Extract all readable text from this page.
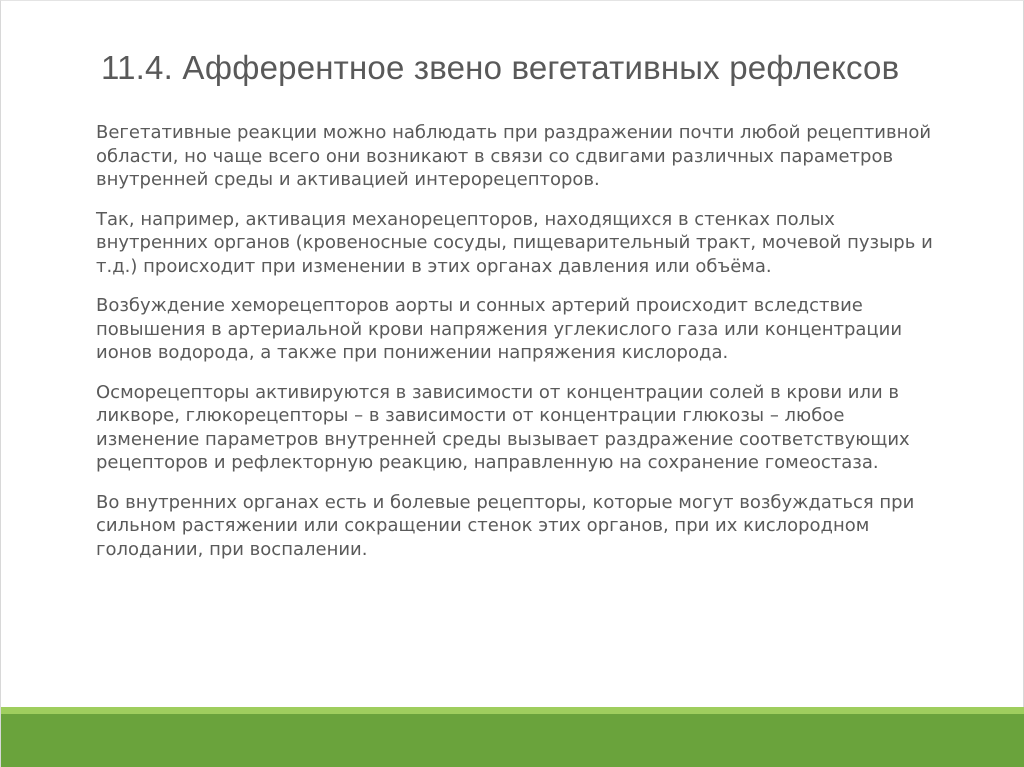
11.4. Афферентное звено вегетативных рефлексов

Вегетативные реакции можно наблюдать при раздражении почти любой рецептивной области, но чаще всего они возникают в связи со сдвигами различных параметров внутренней среды и активацией интерорецепторов.

Так, например, активация механорецепторов, находящихся в стенках полых внутренних органов (кровеносные сосуды, пищеварительный тракт, мочевой пузырь и т.д.) происходит при изменении в этих органах давления или объёма.

Возбуждение хеморецепторов аорты и сонных артерий происходит вследствие повышения в артериальной крови напряжения углекислого газа или концентрации ионов водорода, а также при понижении напряжения кислорода.

Осморецепторы активируются в зависимости от концентрации солей в крови или в ликворе, глюкорецепторы – в зависимости от концентрации глюкозы – любое изменение параметров внутренней среды вызывает раздражение соответствующих рецепторов и рефлекторную реакцию, направленную на сохранение гомеостаза.

Во внутренних органах есть и болевые рецепторы, которые могут возбуждаться при сильном растяжении или сокращении стенок этих органов, при их кислородном голодании, при воспалении.
